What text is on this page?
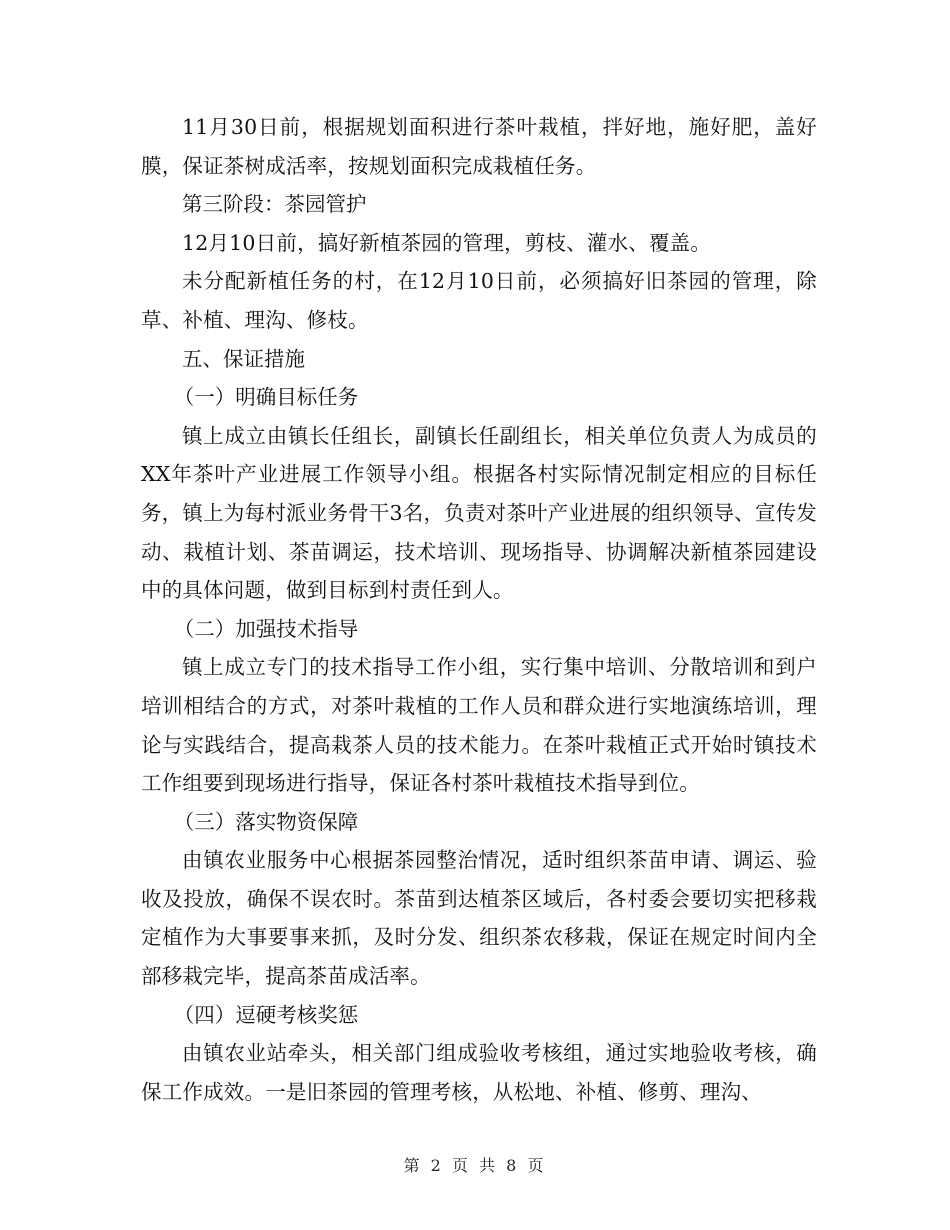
11月30日前，根据规划面积进行茶叶栽植，拌好地，施好肥，盖好膜，保证茶树成活率，按规划面积完成栽植任务。

第三阶段：茶园管护

12月10日前，搞好新植茶园的管理，剪枝、灌水、覆盖。

未分配新植任务的村，在12月10日前，必须搞好旧茶园的管理，除草、补植、理沟、修枝。

五、保证措施

（一）明确目标任务

镇上成立由镇长任组长，副镇长任副组长，相关单位负责人为成员的XX年茶叶产业进展工作领导小组。根据各村实际情况制定相应的目标任务，镇上为每村派业务骨干3名，负责对茶叶产业进展的组织领导、宣传发动、栽植计划、茶苗调运，技术培训、现场指导、协调解决新植茶园建设中的具体问题，做到目标到村责任到人。

（二）加强技术指导

镇上成立专门的技术指导工作小组，实行集中培训、分散培训和到户培训相结合的方式，对茶叶栽植的工作人员和群众进行实地演练培训，理论与实践结合，提高栽茶人员的技术能力。在茶叶栽植正式开始时镇技术工作组要到现场进行指导，保证各村茶叶栽植技术指导到位。

（三）落实物资保障

由镇农业服务中心根据茶园整治情况，适时组织茶苗申请、调运、验收及投放，确保不误农时。茶苗到达植茶区域后，各村委会要切实把移栽定植作为大事要事来抓，及时分发、组织茶农移栽，保证在规定时间内全部移栽完毕，提高茶苗成活率。

（四）逗硬考核奖惩

由镇农业站牵头，相关部门组成验收考核组，通过实地验收考核，确保工作成效。一是旧茶园的管理考核，从松地、补植、修剪、理沟、

第 2 页 共 8 页
